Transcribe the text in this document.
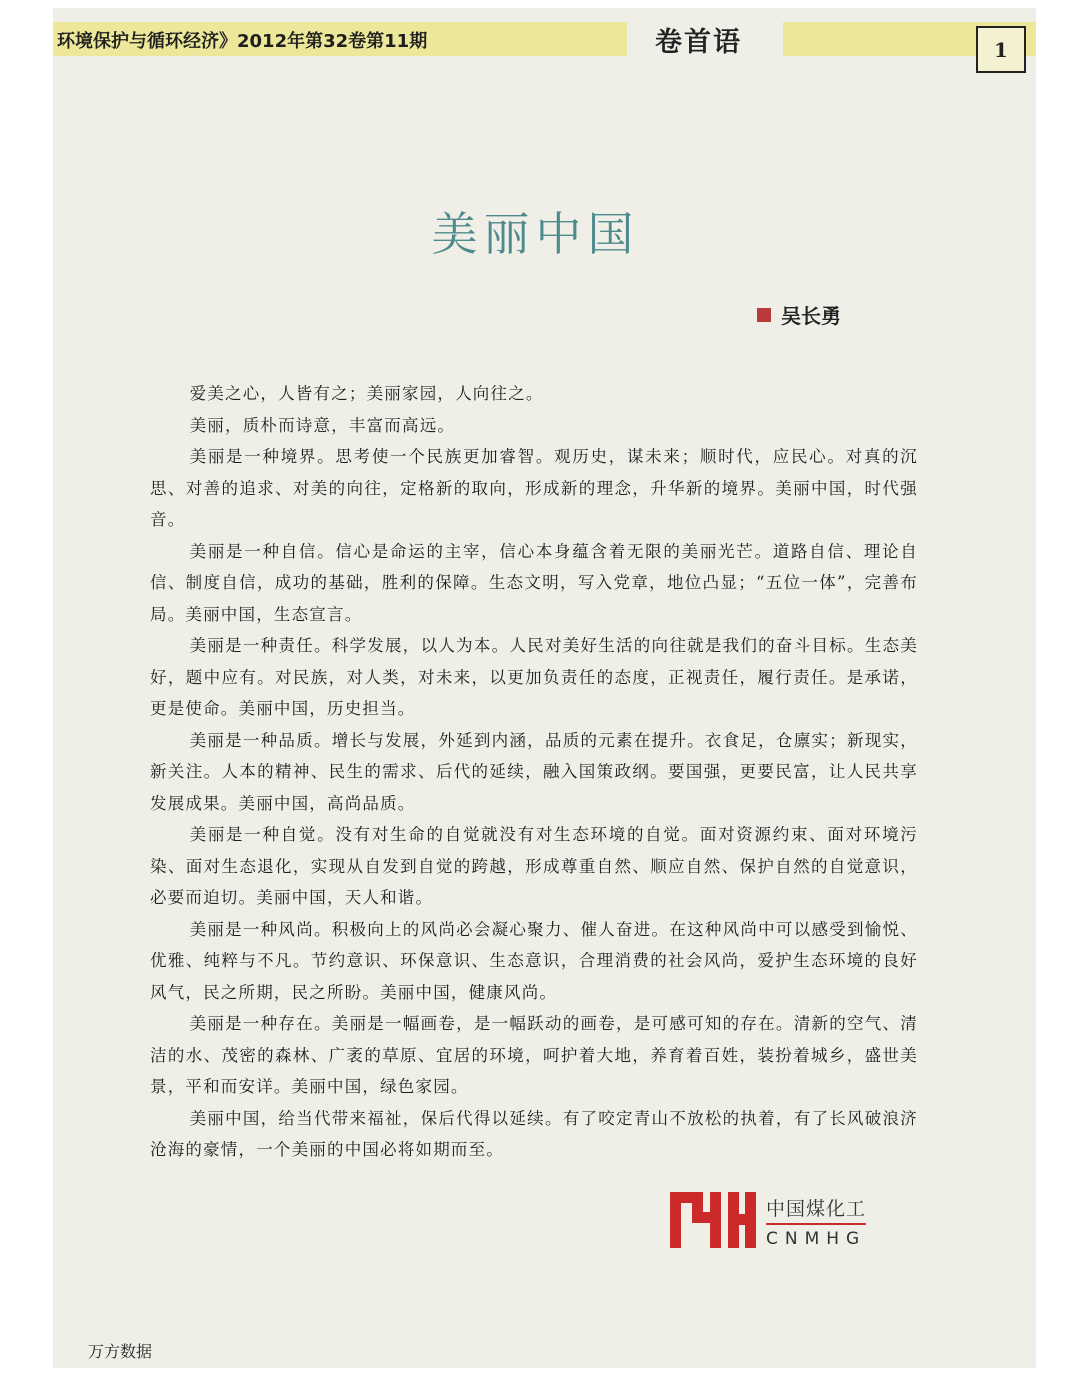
环境保护与循环经济》2012年第32卷第11期	卷首语	1
美丽中国
吴长勇

爱美之心，人皆有之；美丽家园，人向往之。

美丽，质朴而诗意，丰富而高远。

美丽是一种境界。思考使一个民族更加睿智。观历史，谋未来；顺时代，应民心。对真的沉思、对善的追求、对美的向往，定格新的取向，形成新的理念，升华新的境界。美丽中国，时代强音。

美丽是一种自信。信心是命运的主宰，信心本身蕴含着无限的美丽光芒。道路自信、理论自信、制度自信，成功的基础，胜利的保障。生态文明，写入党章，地位凸显；“五位一体”，完善布局。美丽中国，生态宣言。

美丽是一种责任。科学发展，以人为本。人民对美好生活的向往就是我们的奋斗目标。生态美好，题中应有。对民族，对人类，对未来，以更加负责任的态度，正视责任，履行责任。是承诺，更是使命。美丽中国，历史担当。

美丽是一种品质。增长与发展，外延到内涵，品质的元素在提升。衣食足，仓廪实；新现实，新关注。人本的精神、民生的需求、后代的延续，融入国策政纲。要国强，更要民富，让人民共享发展成果。美丽中国，高尚品质。

美丽是一种自觉。没有对生命的自觉就没有对生态环境的自觉。面对资源约束、面对环境污染、面对生态退化，实现从自发到自觉的跨越，形成尊重自然、顺应自然、保护自然的自觉意识，必要而迫切。美丽中国，天人和谐。

美丽是一种风尚。积极向上的风尚必会凝心聚力、催人奋进。在这种风尚中可以感受到愉悦、优雅、纯粹与不凡。节约意识、环保意识、生态意识，合理消费的社会风尚，爱护生态环境的良好风气，民之所期，民之所盼。美丽中国，健康风尚。

美丽是一种存在。美丽是一幅画卷，是一幅跃动的画卷，是可感可知的存在。清新的空气、清洁的水、茂密的森林、广袤的草原、宜居的环境，呵护着大地，养育着百姓，装扮着城乡，盛世美景，平和而安详。美丽中国，绿色家园。

美丽中国，给当代带来福祉，保后代得以延续。有了咬定青山不放松的执着，有了长风破浪济沧海的豪情，一个美丽的中国必将如期而至。

中国煤化工
CNMHG
万方数据
